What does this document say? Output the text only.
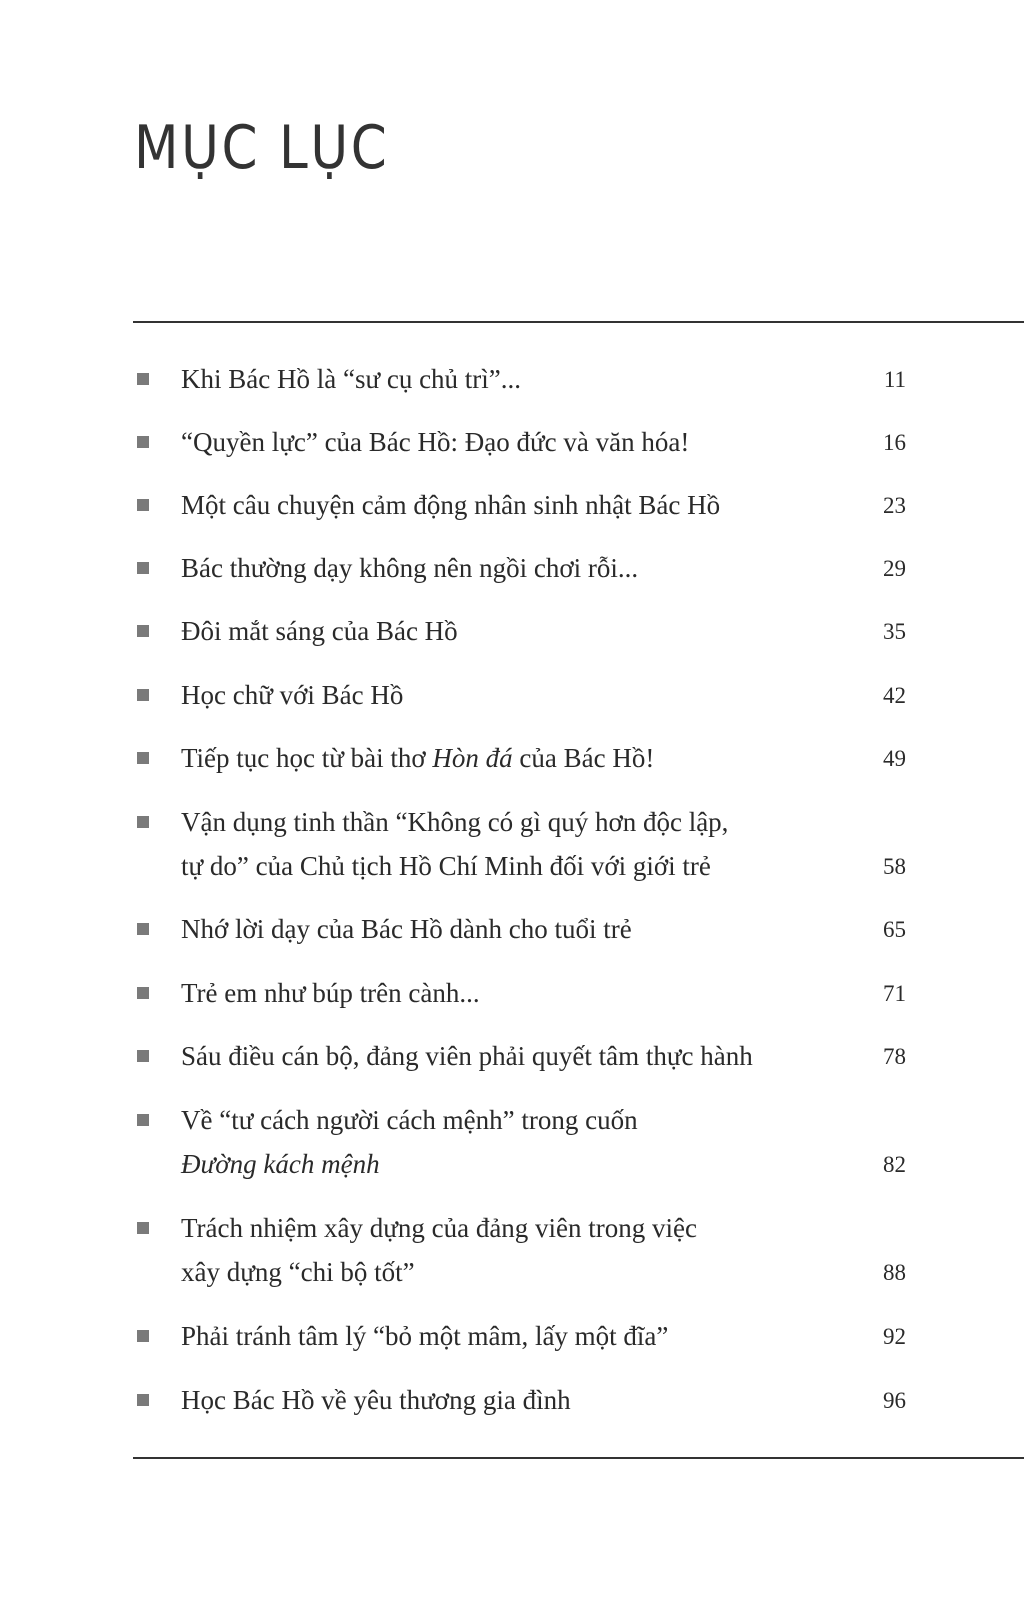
MỤC LỤC
Khi Bác Hồ là “sư cụ chủ trì”...	11
“Quyền lực” của Bác Hồ: Đạo đức và văn hóa!	16
Một câu chuyện cảm động nhân sinh nhật Bác Hồ	23
Bác thường dạy không nên ngồi chơi rỗi...	29
Đôi mắt sáng của Bác Hồ	35
Học chữ với Bác Hồ	42
Tiếp tục học từ bài thơ Hòn đá của Bác Hồ!	49
Vận dụng tinh thần “Không có gì quý hơn độc lập,
tự do” của Chủ tịch Hồ Chí Minh đối với giới trẻ	58
Nhớ lời dạy của Bác Hồ dành cho tuổi trẻ	65
Trẻ em như búp trên cành...	71
Sáu điều cán bộ, đảng viên phải quyết tâm thực hành	78
Về “tư cách người cách mệnh” trong cuốn
Đường kách mệnh	82
Trách nhiệm xây dựng của đảng viên trong việc
xây dựng “chi bộ tốt”	88
Phải tránh tâm lý “bỏ một mâm, lấy một đĩa”	92
Học Bác Hồ về yêu thương gia đình	96
